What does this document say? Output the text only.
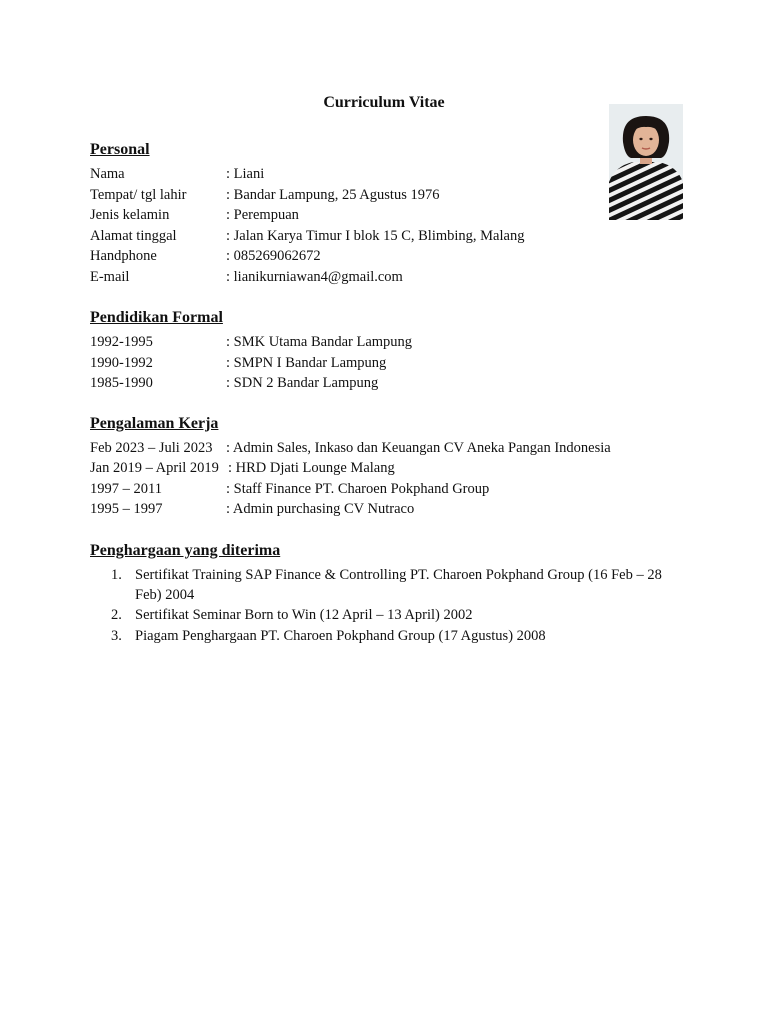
Curriculum Vitae
Personal
Nama	: Liani
Tempat/ tgl lahir	: Bandar Lampung, 25 Agustus 1976
Jenis kelamin	: Perempuan
Alamat tinggal	: Jalan Karya Timur I blok 15 C, Blimbing, Malang
Handphone	: 085269062672
E-mail	: lianikurniawan4@gmail.com
Pendidikan Formal
1992-1995	: SMK Utama Bandar Lampung
1990-1992	: SMPN I Bandar Lampung
1985-1990	: SDN 2 Bandar Lampung
Pengalaman Kerja
Feb 2023 – Juli 2023 : Admin Sales, Inkaso dan Keuangan CV Aneka Pangan Indonesia
Jan 2019 – April 2019 : HRD Djati Lounge Malang
1997 – 2011	: Staff Finance PT. Charoen Pokphand Group
1995 – 1997	: Admin purchasing CV Nutraco
Penghargaan yang diterima
1. Sertifikat Training SAP Finance & Controlling PT. Charoen Pokphand Group (16 Feb – 28 Feb) 2004
2. Sertifikat Seminar Born to Win (12 April – 13 April) 2002
3. Piagam Penghargaan PT. Charoen Pokphand Group (17 Agustus) 2008
